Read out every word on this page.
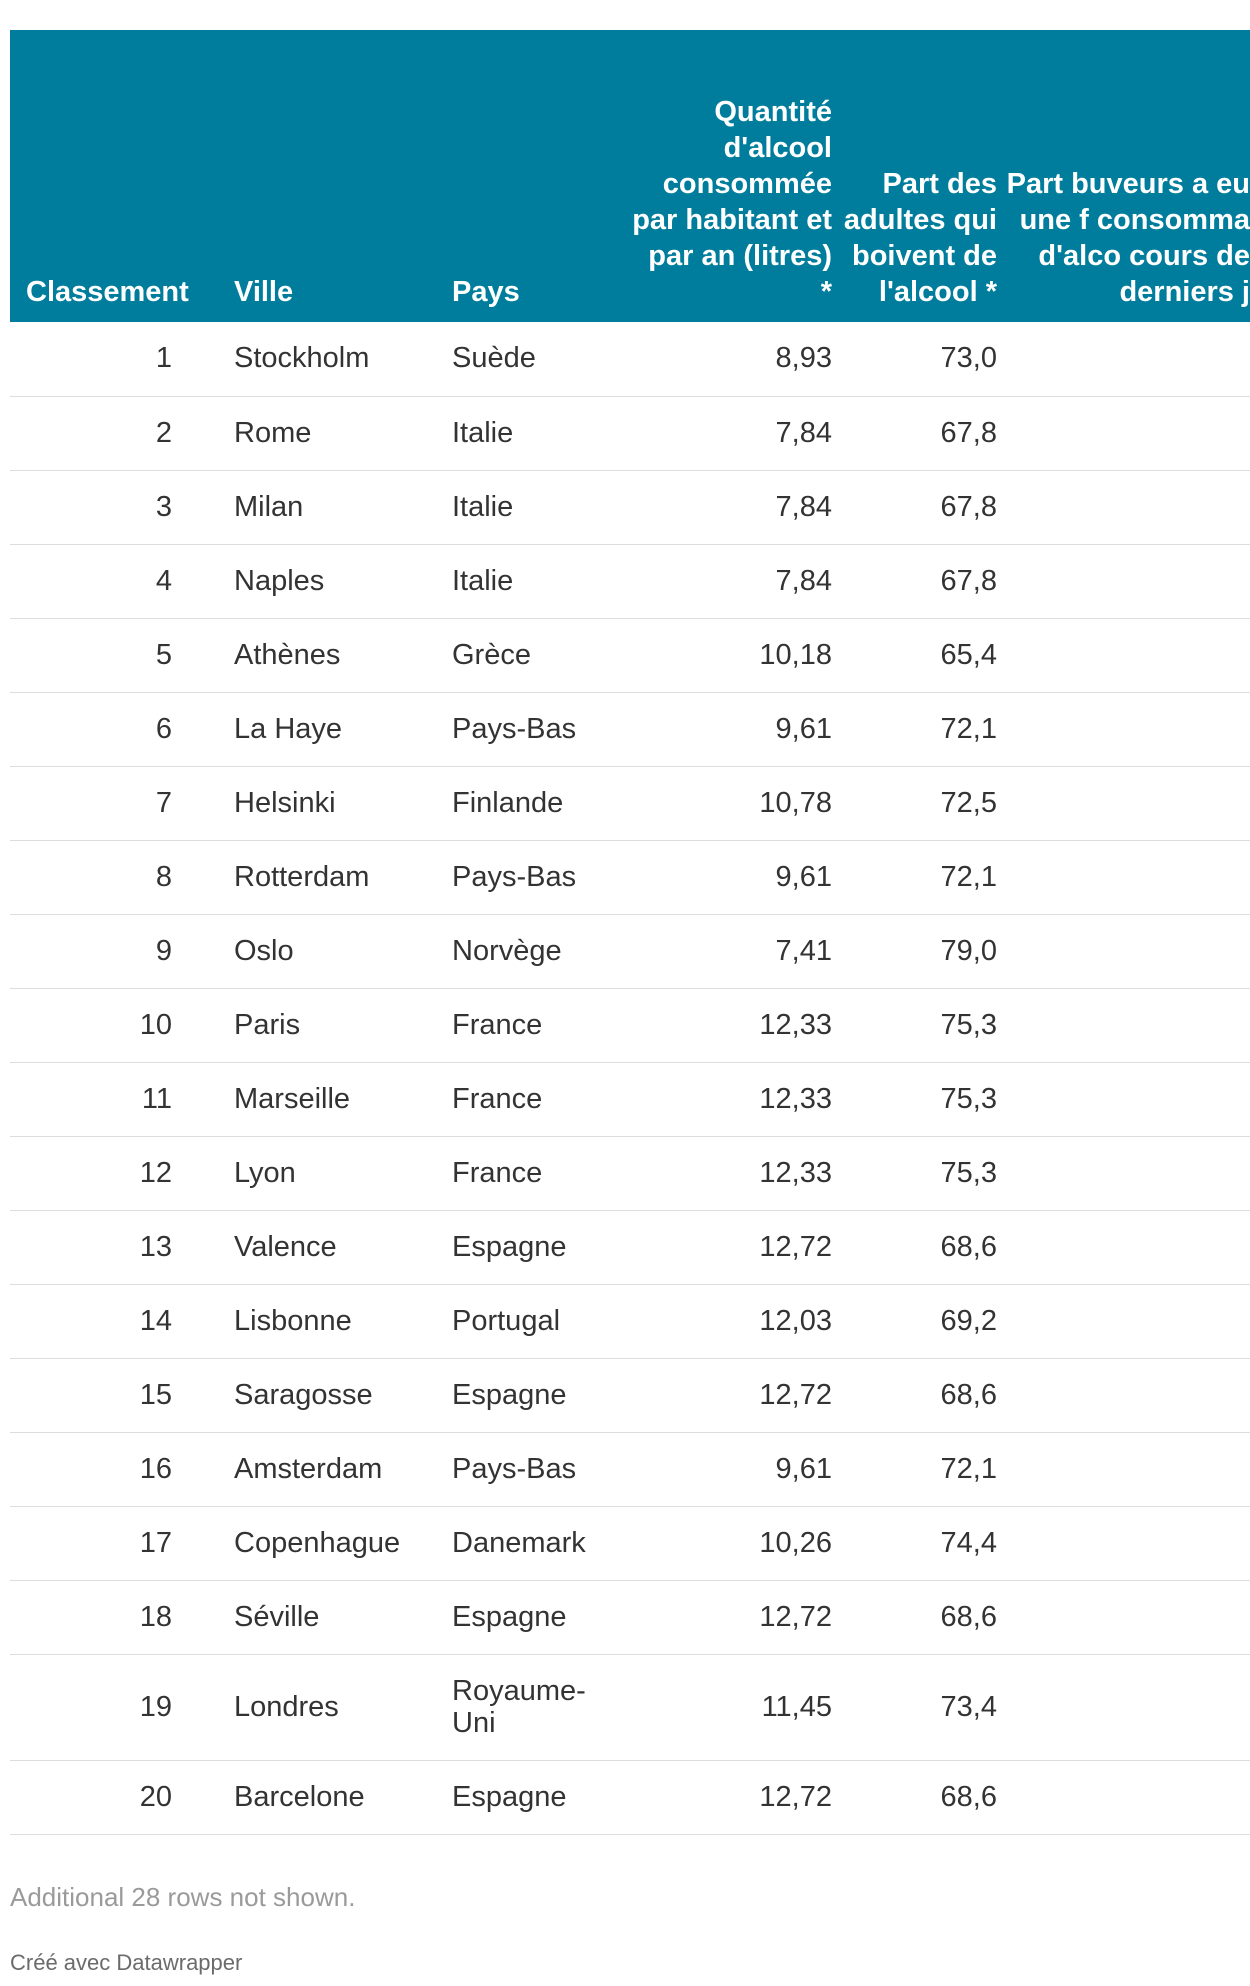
Classement	Ville	Pays	Quantité d'alcool consommée par habitant et par an (litres) *	Part des adultes qui boivent de l'alcool *	Part buveurs a eu une f consomma d'alco cours de derniers j
1	Stockholm	Suède	8,93	73,0	
2	Rome	Italie	7,84	67,8	
3	Milan	Italie	7,84	67,8	
4	Naples	Italie	7,84	67,8	
5	Athènes	Grèce	10,18	65,4	
6	La Haye	Pays-Bas	9,61	72,1	
7	Helsinki	Finlande	10,78	72,5	
8	Rotterdam	Pays-Bas	9,61	72,1	
9	Oslo	Norvège	7,41	79,0	
10	Paris	France	12,33	75,3	
11	Marseille	France	12,33	75,3	
12	Lyon	France	12,33	75,3	
13	Valence	Espagne	12,72	68,6	
14	Lisbonne	Portugal	12,03	69,2	
15	Saragosse	Espagne	12,72	68,6	
16	Amsterdam	Pays-Bas	9,61	72,1	
17	Copenhague	Danemark	10,26	74,4	
18	Séville	Espagne	12,72	68,6	
19	Londres	Royaume-Uni	11,45	73,4	
20	Barcelone	Espagne	12,72	68,6	
Additional 28 rows not shown.
Créé avec Datawrapper
